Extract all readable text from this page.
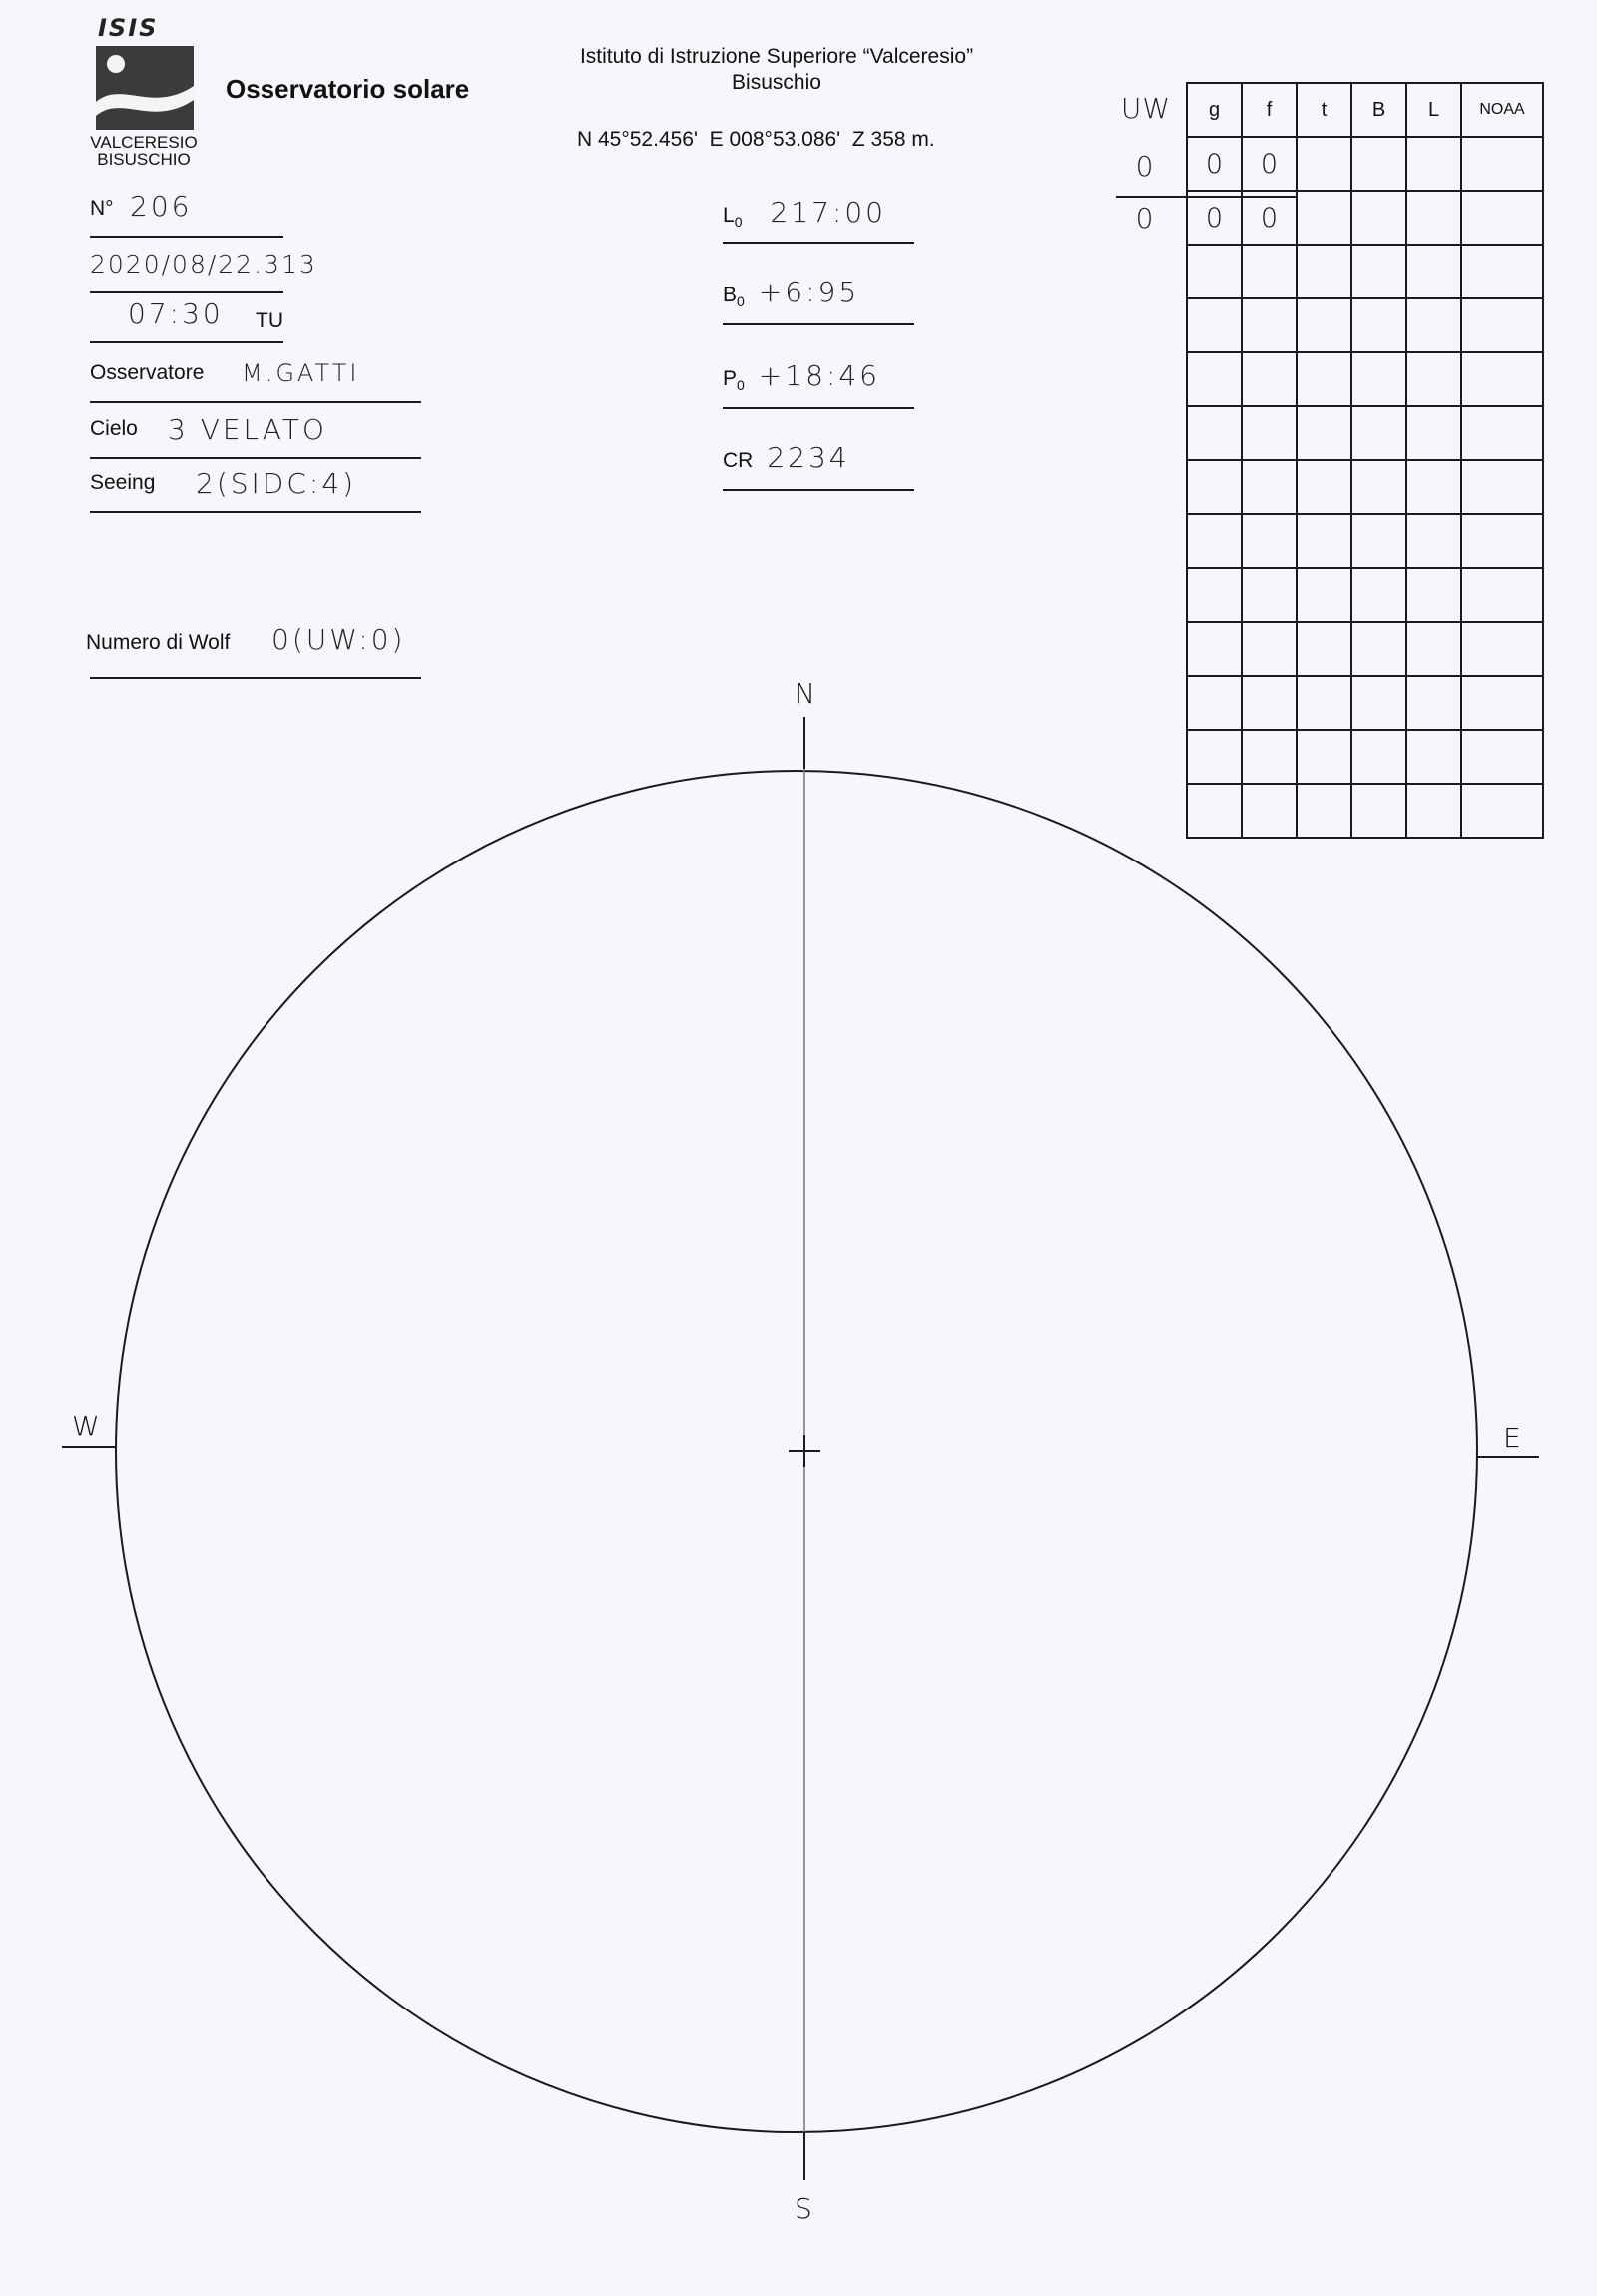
ISIS
VALCERESIO
BISUSCHIO
Osservatorio solare
Istituto di Istruzione Superiore “Valceresio”
Bisuschio
N 45°52.456'  E 008°53.086'  Z 358 m.
N° 206
2020/08/22.313
07:30 TU
Osservatore M.GATTI
Cielo 3 VELATO
Seeing 2(SIDC:4)
Numero di Wolf 0(UW:0)
$L_0$ 217:00
$B_0$ +6:95
$P_0$ +18:46
CR 2234
UW
0
0
g	f	t	B	L	NOAA
0	0				
0	0				

N
S
W	E
